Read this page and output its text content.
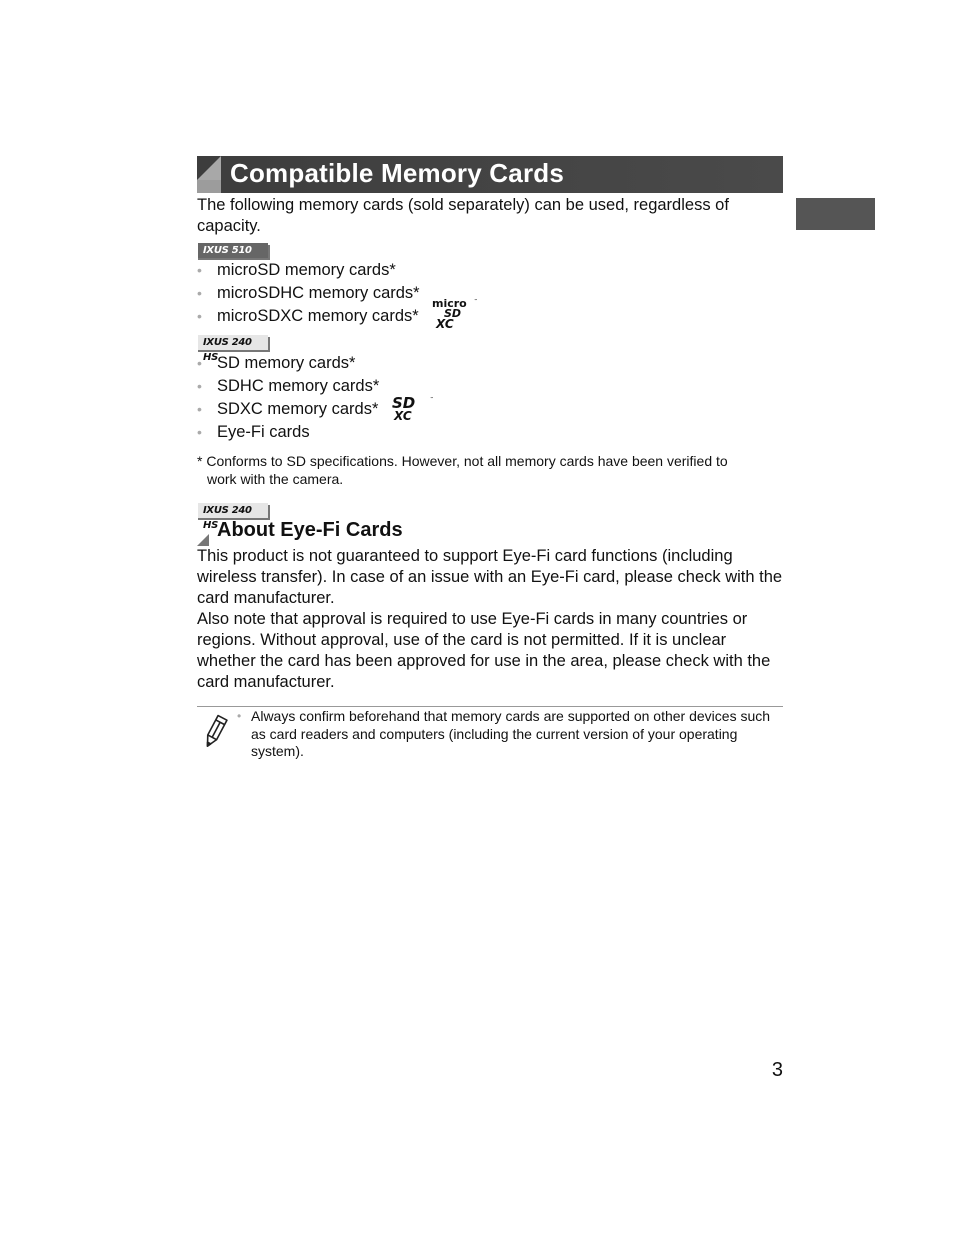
Compatible Memory Cards
The following memory cards (sold separately) can be used, regardless of capacity.
IXUS 510 HS
• microSD memory cards*
• microSDHC memory cards*
• microSDXC memory cards*
micro ™
SD
XC
IXUS 240 HS
• SD memory cards*
• SDHC memory cards*
• SDXC memory cards*
• Eye-Fi cards
SD	™
XC
* Conforms to SD specifications. However, not all memory cards have been verified to
work with the camera.
IXUS 240 HS About Eye-Fi Cards

This product is not guaranteed to support Eye-Fi card functions (including wireless transfer). In case of an issue with an Eye-Fi card, please check with the card manufacturer.

Also note that approval is required to use Eye-Fi cards in many countries or regions. Without approval, use of the card is not permitted. If it is unclear whether the card has been approved for use in the area, please check with the card manufacturer.

• Always confirm beforehand that memory cards are supported on other devices such as card readers and computers (including the current version of your operating system).
3
